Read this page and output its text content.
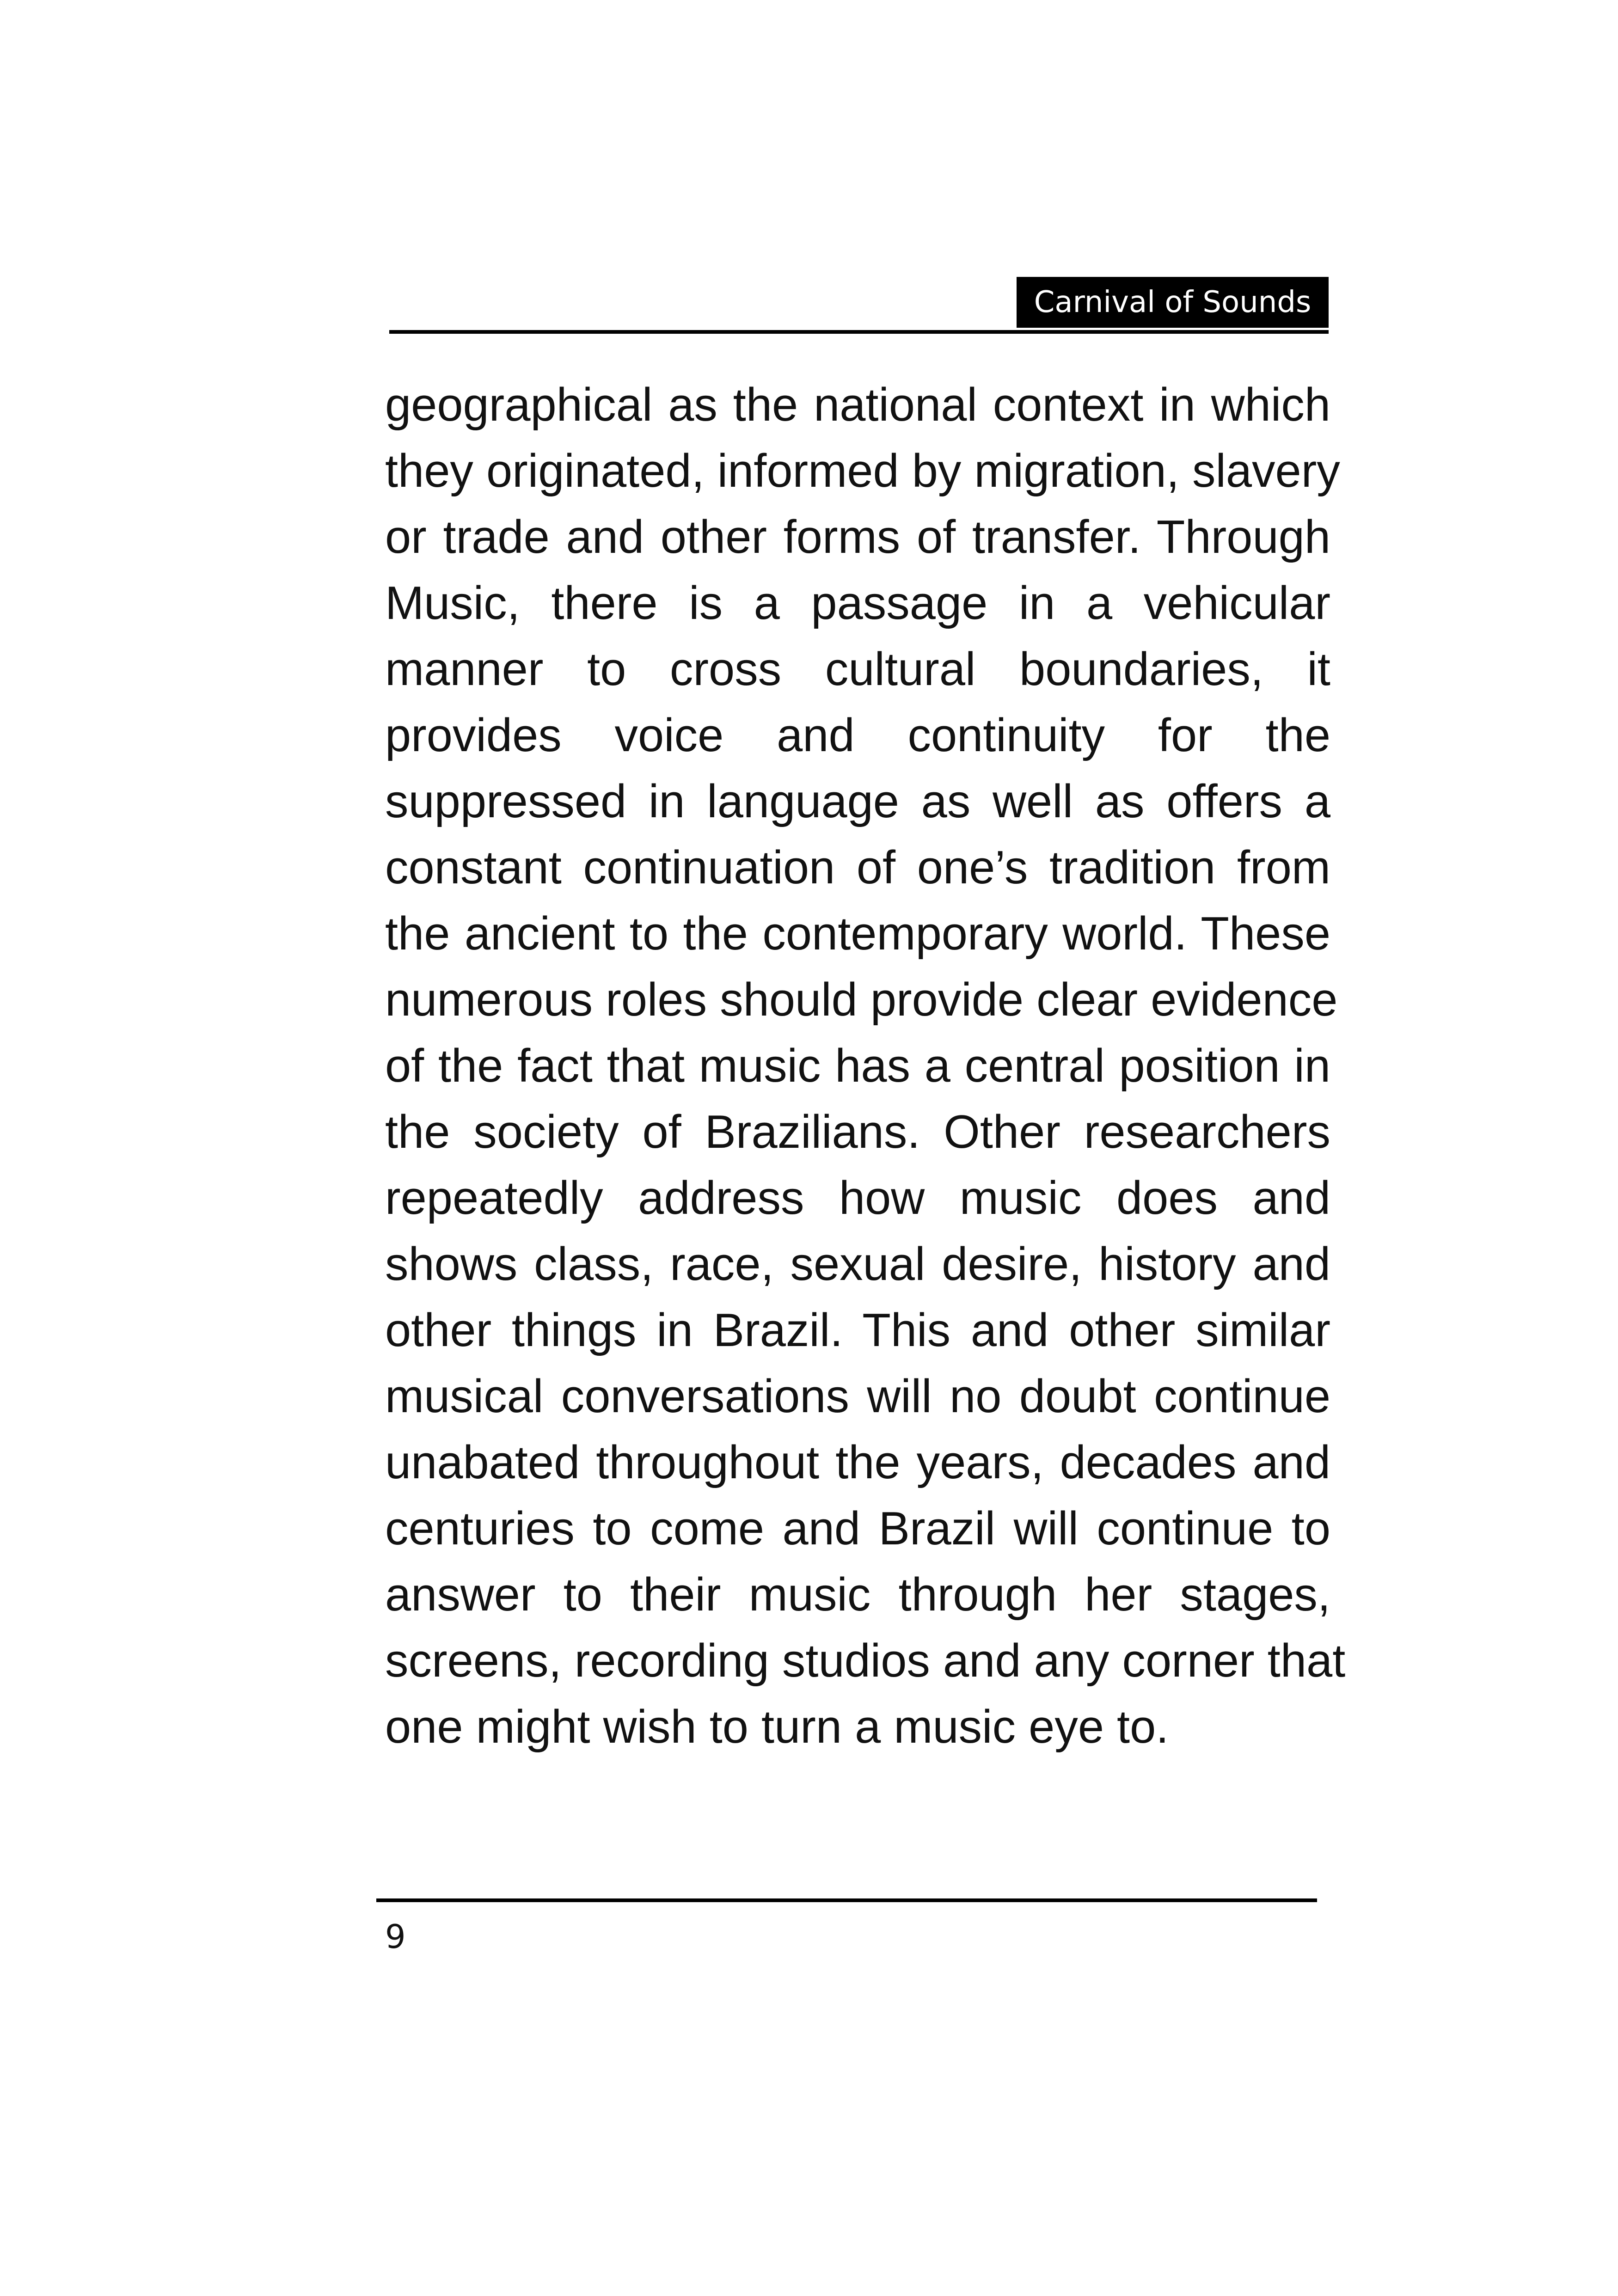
Carnival of Sounds
geographical as the national context in which
they originated, informed by migration, slavery
or trade and other forms of transfer. Through
Music, there is a passage in a vehicular
manner to cross cultural boundaries, it
provides voice and continuity for the
suppressed in language as well as offers a
constant continuation of one’s tradition from
the ancient to the contemporary world. These
numerous roles should provide clear evidence
of the fact that music has a central position in
the society of Brazilians. Other researchers
repeatedly address how music does and
shows class, race, sexual desire, history and
other things in Brazil. This and other similar
musical conversations will no doubt continue
unabated throughout the years, decades and
centuries to come and Brazil will continue to
answer to their music through her stages,
screens, recording studios and any corner that
one might wish to turn a music eye to.
9
